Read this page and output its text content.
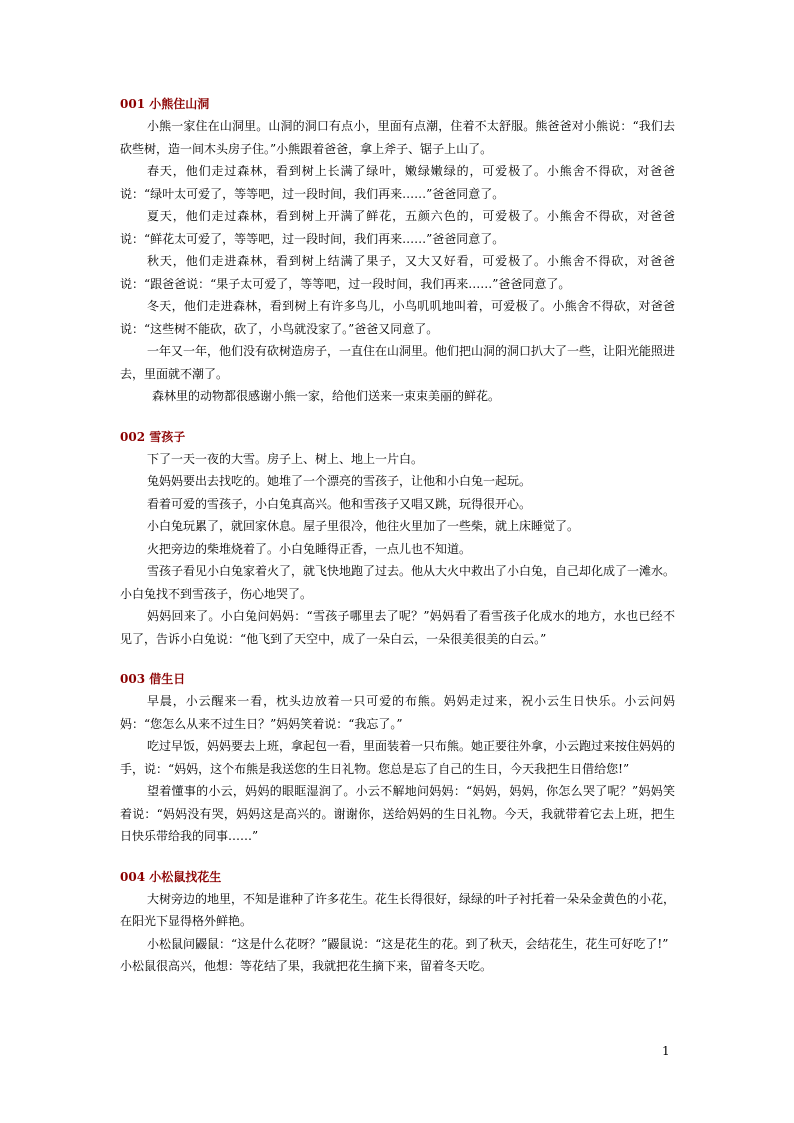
001 小熊住山洞

小熊一家住在山洞里。山洞的洞口有点小，里面有点潮，住着不太舒服。熊爸爸对小熊说：“我们去砍些树，造一间木头房子住。”小熊跟着爸爸，拿上斧子、锯子上山了。

春天，他们走过森林，看到树上长满了绿叶，嫩绿嫩绿的，可爱极了。小熊舍不得砍，对爸爸说：“绿叶太可爱了，等等吧，过一段时间，我们再来……”爸爸同意了。

夏天，他们走过森林，看到树上开满了鲜花，五颜六色的，可爱极了。小熊舍不得砍，对爸爸说：“鲜花太可爱了，等等吧，过一段时间，我们再来……”爸爸同意了。

秋天，他们走进森林，看到树上结满了果子，又大又好看，可爱极了。小熊舍不得砍，对爸爸说：“跟爸爸说：“果子太可爱了，等等吧，过一段时间，我们再来……”爸爸同意了。

冬天，他们走进森林，看到树上有许多鸟儿，小鸟叽叽地叫着，可爱极了。小熊舍不得砍，对爸爸说：“这些树不能砍，砍了，小鸟就没家了。”爸爸又同意了。

一年又一年，他们没有砍树造房子，一直住在山洞里。他们把山洞的洞口扒大了一些，让阳光能照进去，里面就不潮了。

森林里的动物都很感谢小熊一家，给他们送来一束束美丽的鲜花。

002 雪孩子

下了一天一夜的大雪。房子上、树上、地上一片白。

兔妈妈要出去找吃的。她堆了一个漂亮的雪孩子，让他和小白兔一起玩。

看着可爱的雪孩子，小白兔真高兴。他和雪孩子又唱又跳，玩得很开心。

小白兔玩累了，就回家休息。屋子里很冷，他往火里加了一些柴，就上床睡觉了。

火把旁边的柴堆烧着了。小白兔睡得正香，一点儿也不知道。

雪孩子看见小白兔家着火了，就飞快地跑了过去。他从大火中救出了小白兔，自己却化成了一滩水。

小白兔找不到雪孩子，伤心地哭了。

妈妈回来了。小白兔问妈妈：“雪孩子哪里去了呢？”妈妈看了看雪孩子化成水的地方，水也已经不见了，告诉小白兔说：“他飞到了天空中，成了一朵白云，一朵很美很美的白云。”

003 借生日

早晨，小云醒来一看，枕头边放着一只可爱的布熊。妈妈走过来，祝小云生日快乐。小云问妈妈：“您怎么从来不过生日？”妈妈笑着说：“我忘了。”

吃过早饭，妈妈要去上班，拿起包一看，里面装着一只布熊。她正要往外拿，小云跑过来按住妈妈的手，说：“妈妈，这个布熊是我送您的生日礼物。您总是忘了自己的生日，今天我把生日借给您!”

望着懂事的小云，妈妈的眼眶湿润了。小云不解地问妈妈：“妈妈，妈妈，你怎么哭了呢？”妈妈笑着说：“妈妈没有哭，妈妈这是高兴的。谢谢你，送给妈妈的生日礼物。今天，我就带着它去上班，把生日快乐带给我的同事……”

004 小松鼠找花生

大树旁边的地里，不知是谁种了许多花生。花生长得很好，绿绿的叶子衬托着一朵朵金黄色的小花，在阳光下显得格外鲜艳。

小松鼠问鼹鼠：“这是什么花呀？”鼹鼠说：“这是花生的花。到了秋天，会结花生，花生可好吃了!”

小松鼠很高兴，他想：等花结了果，我就把花生摘下来，留着冬天吃。

1
